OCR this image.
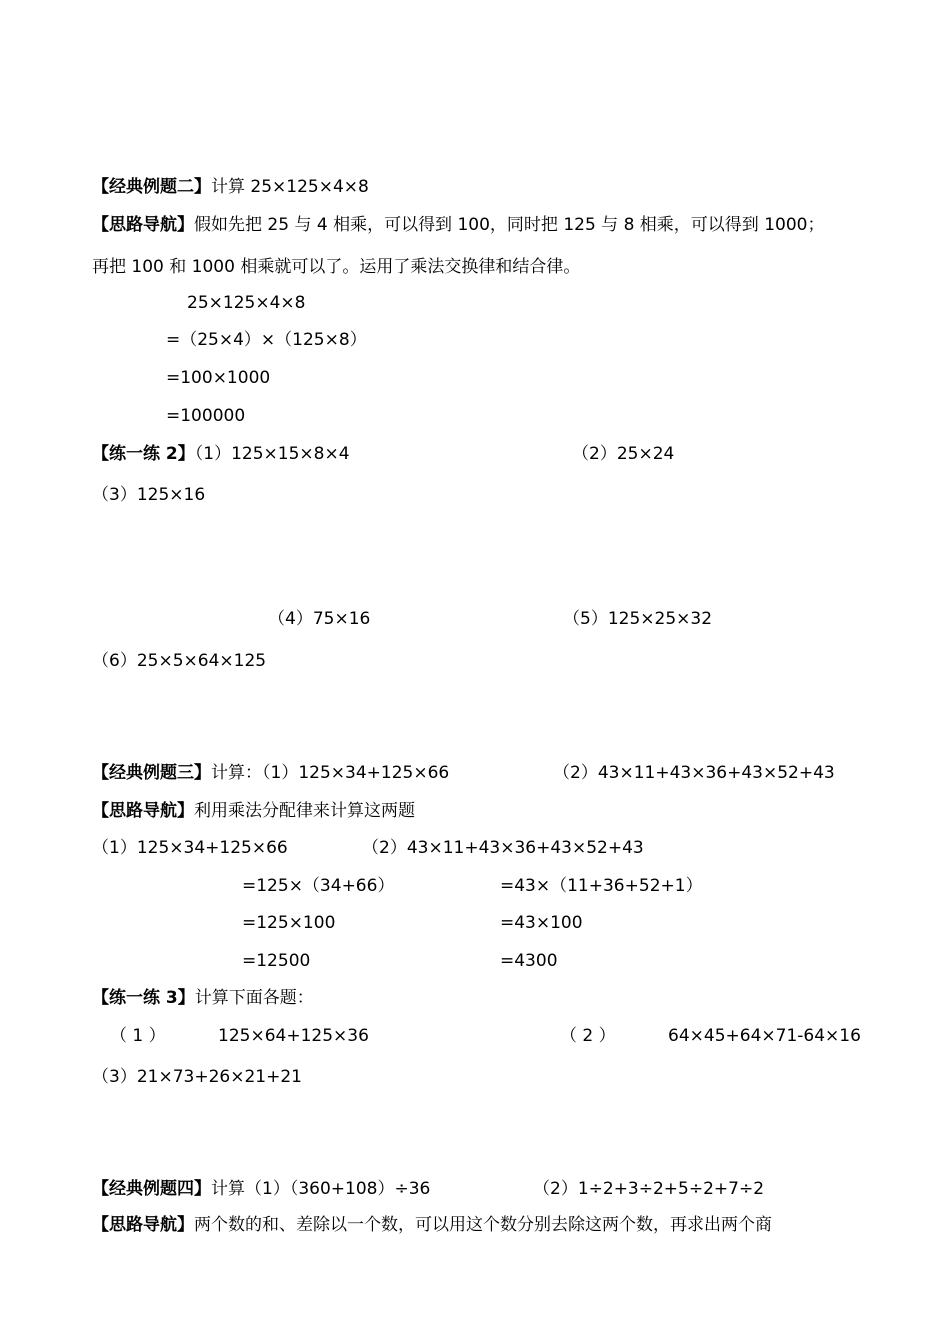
【经典例题二】计算 25×125×4×8
【思路导航】假如先把 25 与 4 相乘，可以得到 100，同时把 125 与 8 相乘，可以得到 1000；
再把 100 和 1000 相乘就可以了。运用了乘法交换律和结合律。
25×125×4×8
=（25×4）×（125×8）
=100×1000
=100000
【练一练 2】（1）125×15×8×4	（2）25×24
（3）125×16
（4）75×16	（5）125×25×32
（6）25×5×64×125
【经典例题三】计算：（1）125×34+125×66	（2）43×11+43×36+43×52+43
【思路导航】利用乘法分配律来计算这两题
（1）125×34+125×66
=125×（34+66）
=125×100
=12500
（2）43×11+43×36+43×52+43
=43×（11+36+52+1）
=43×100
=4300
【练一练 3】计算下面各题：
（ 1 ）	125×64+125×36	（ 2 ）	64×45+64×71-64×16
（3）21×73+26×21+21
【经典例题四】计算（1）（360+108）÷36	（2）1÷2+3÷2+5÷2+7÷2
【思路导航】两个数的和、差除以一个数，可以用这个数分别去除这两个数，再求出两个商
